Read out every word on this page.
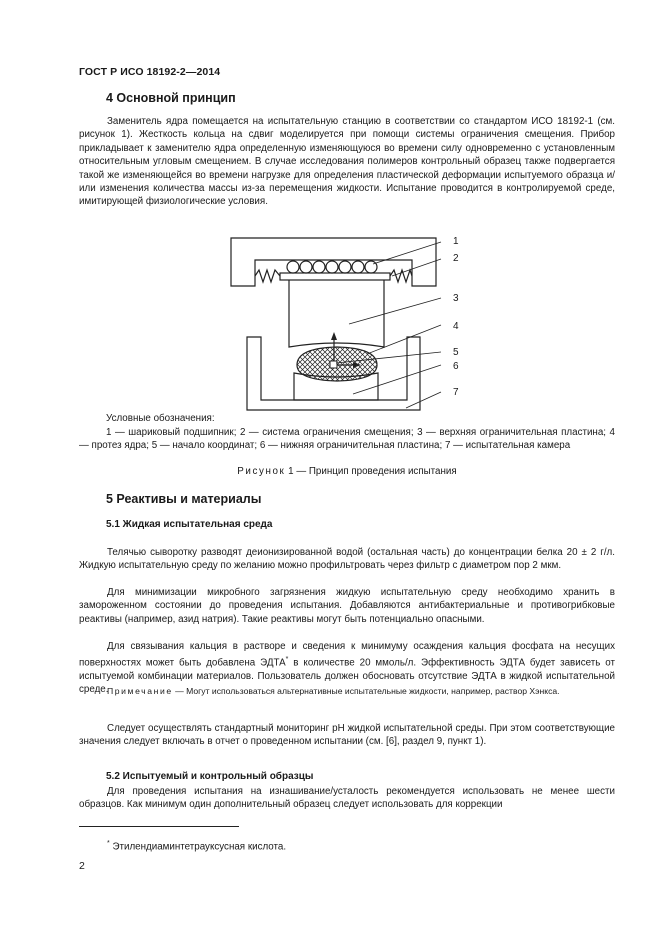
ГОСТ Р ИСО 18192-2—2014
4 Основной принцип

Заменитель ядра помещается на испытательную станцию в соответствии со стандартом ИСО 18192-1 (см. рисунок 1). Жесткость кольца на сдвиг моделируется при помощи системы ограничения смещения. Прибор прикладывает к заменителю ядра определенную изменяющуюся во времени силу одновременно с установленным относительным угловым смещением. В случае исследования полимеров контрольный образец также подвергается такой же изменяющейся во времени нагрузке для определения пластической деформации испытуемого образца и/или изменения количества массы из-за перемещения жидкости. Испытание проводится в контролируемой среде, имитирующей физиологические условия.

1
2
3
4
5
6
7
Условные обозначения:

1 — шариковый подшипник; 2 — система ограничения смещения; 3 — верхняя ограничительная пластина; 4 — протез ядра; 5 — начало координат; 6 — нижняя ограничительная пластина; 7 — испытательная камера

Рисунок 1 — Принцип проведения испытания
5 Реактивы и материалы
5.1 Жидкая испытательная среда

Телячью сыворотку разводят деионизированной водой (остальная часть) до концентрации белка 20 ± 2 г/л. Жидкую испытательную среду по желанию можно профильтровать через фильтр с диаметром пор 2 мкм.

Для минимизации микробного загрязнения жидкую испытательную среду необходимо хранить в замороженном состоянии до проведения испытания. Добавляются антибактериальные и противогрибковые реактивы (например, азид натрия). Такие реактивы могут быть потенциально опасными.

Для связывания кальция в растворе и сведения к минимуму осаждения кальция фосфата на несущих поверхностях может быть добавлена ЭДТА* в количестве 20 ммоль/л. Эффективность ЭДТА будет зависеть от испытуемой комбинации материалов. Пользователь должен обосновать отсутствие ЭДТА в жидкой испытательной среде.

Примечание — Могут использоваться альтернативные испытательные жидкости, например, раствор Хэнкса.

Следует осуществлять стандартный мониторинг pH жидкой испытательной среды. При этом соответствующие значения следует включать в отчет о проведенном испытании (см. [6], раздел 9, пункт 1).

5.2 Испытуемый и контрольный образцы

Для проведения испытания на изнашивание/усталость рекомендуется использовать не менее шести образцов. Как минимум один дополнительный образец следует использовать для коррекции

* Этилендиаминтетрауксусная кислота.
2
